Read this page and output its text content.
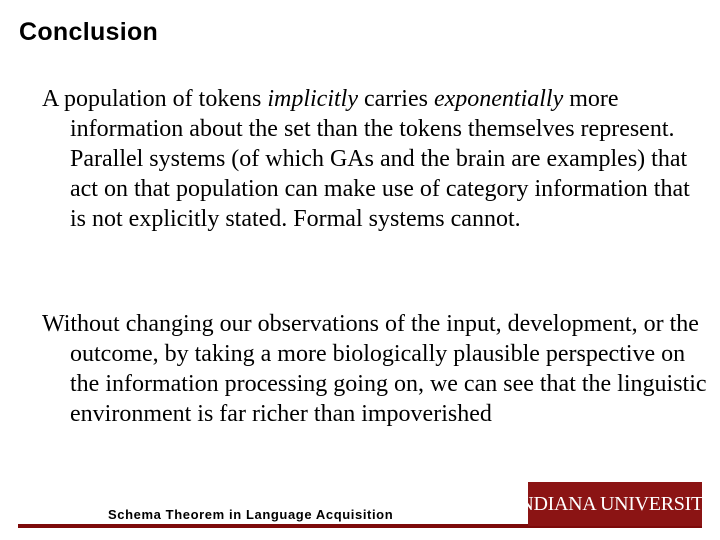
Conclusion

A population of tokens implicitly carries exponentially more information about the set than the tokens themselves represent. Parallel systems (of which GAs and the brain are examples) that act on that population can make use of category information that is not explicitly stated. Formal systems cannot.

Without changing our observations of the input, development, or the outcome, by taking a more biologically plausible perspective on the information processing going on, we can see that the linguistic environment is far richer than impoverished

Schema Theorem in Language Acquisition	INDIANA UNIVERSITY
